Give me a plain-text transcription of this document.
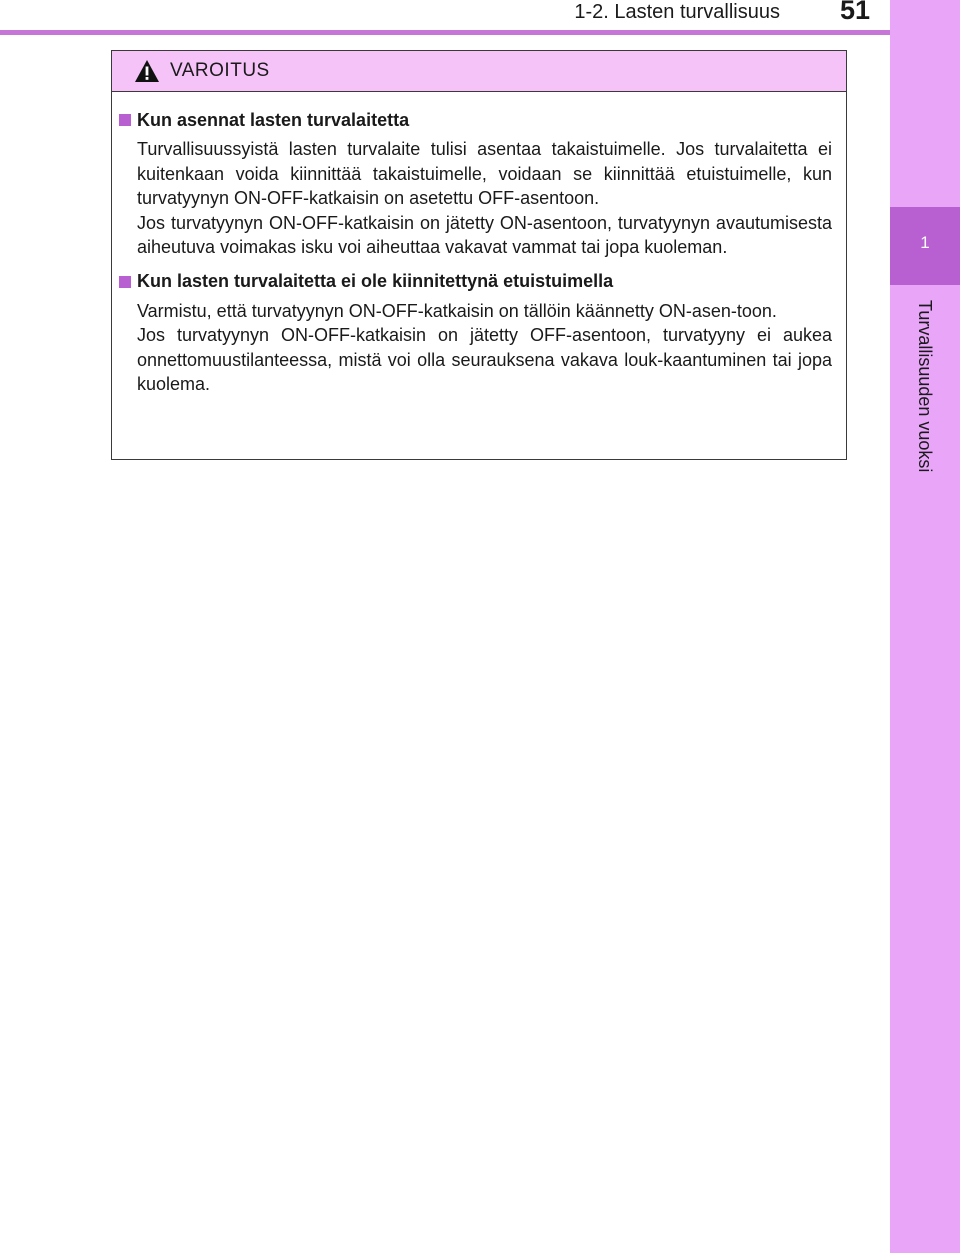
1-2. Lasten turvallisuus	51
1
Turvallisuuden vuoksi
VAROITUS
Kun asennat lasten turvalaitetta

Turvallisuussyistä lasten turvalaite tulisi asentaa takaistuimelle. Jos turvalaitetta ei kuitenkaan voida kiinnittää takaistuimelle, voidaan se kiinnittää etuistuimelle, kun turvatyynyn ON-OFF-katkaisin on asetettu OFF-asentoon.

Jos turvatyynyn ON-OFF-katkaisin on jätetty ON-asentoon, turvatyynyn avautumisesta aiheutuva voimakas isku voi aiheuttaa vakavat vammat tai jopa kuoleman.

Kun lasten turvalaitetta ei ole kiinnitettynä etuistuimella

Varmistu, että turvatyynyn ON-OFF-katkaisin on tällöin käännetty ON-asen-toon.

Jos turvatyynyn ON-OFF-katkaisin on jätetty OFF-asentoon, turvatyyny ei aukea onnettomuustilanteessa, mistä voi olla seurauksena vakava louk-kaantuminen tai jopa kuolema.
